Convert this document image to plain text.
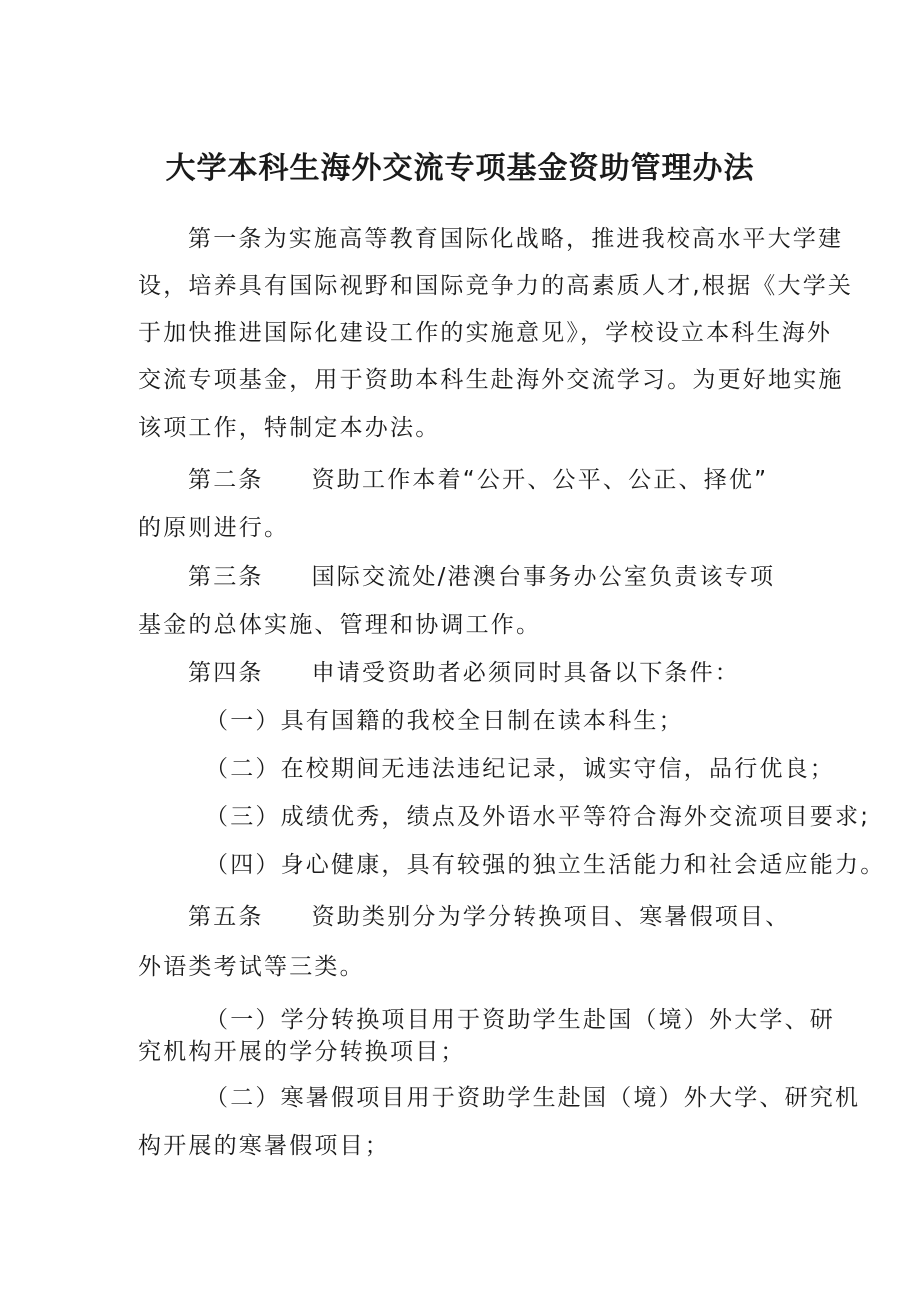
大学本科生海外交流专项基金资助管理办法
第一条为实施高等教育国际化战略，推进我校高水平大学建
设，培养具有国际视野和国际竞争力的高素质人才,根据《大学关
于加快推进国际化建设工作的实施意见》，学校设立本科生海外
交流专项基金，用于资助本科生赴海外交流学习。为更好地实施
该项工作，特制定本办法。
第二条 资助工作本着“公开、公平、公正、择优”
的原则进行。
第三条 国际交流处/港澳台事务办公室负责该专项
基金的总体实施、管理和协调工作。
第四条 申请受资助者必须同时具备以下条件：
（一）具有国籍的我校全日制在读本科生；
（二）在校期间无违法违纪记录，诚实守信，品行优良；
（三）成绩优秀，绩点及外语水平等符合海外交流项目要求;
（四）身心健康，具有较强的独立生活能力和社会适应能力。
第五条 资助类别分为学分转换项目、寒暑假项目、
外语类考试等三类。
（一）学分转换项目用于资助学生赴国（境）外大学、研
究机构开展的学分转换项目；
（二）寒暑假项目用于资助学生赴国（境）外大学、研究机
构开展的寒暑假项目；
